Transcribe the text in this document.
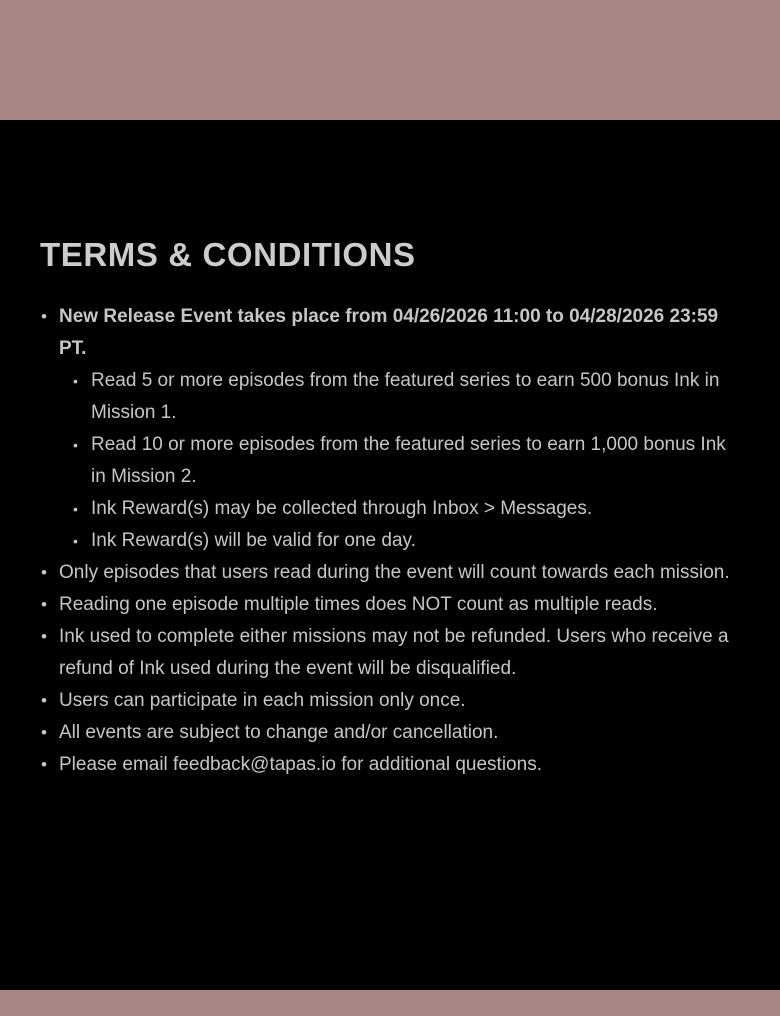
TERMS & CONDITIONS
• New Release Event takes place from 04/26/2026 11:00 to 04/28/2026 23:59 PT.
• Read 5 or more episodes from the featured series to earn 500 bonus Ink in Mission 1.
• Read 10 or more episodes from the featured series to earn 1,000 bonus Ink in Mission 2.
• Ink Reward(s) may be collected through Inbox > Messages.
• Ink Reward(s) will be valid for one day.
• Only episodes that users read during the event will count towards each mission.
• Reading one episode multiple times does NOT count as multiple reads.
• Ink used to complete either missions may not be refunded. Users who receive a refund of Ink used during the event will be disqualified.
• Users can participate in each mission only once.
• All events are subject to change and/or cancellation.
• Please email feedback@tapas.io for additional questions.
